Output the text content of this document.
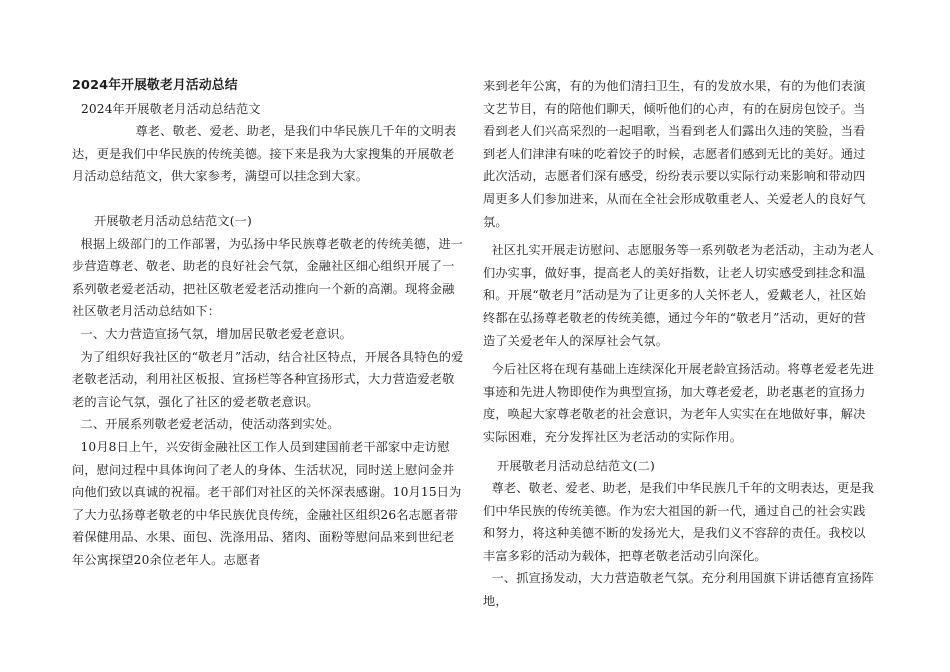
2024年开展敬老月活动总结

2024年开展敬老月活动总结范文

尊老、敬老、爱老、助老，是我们中华民族几千年的文明表达，更是我们中华民族的传统美德。接下来是我为大家搜集的开展敬老月活动总结范文，供大家参考，满望可以挂念到大家。

开展敬老月活动总结范文(一)

根据上级部门的工作部署，为弘扬中华民族尊老敬老的传统美德，进一步营造尊老、敬老、助老的良好社会气氛，金融社区细心组织开展了一系列敬老爱老活动，把社区敬老爱老活动推向一个新的高潮。现将金融社区敬老月活动总结如下：

一、大力营造宣扬气氛，增加居民敬老爱老意识。

为了组织好我社区的“敬老月”活动，结合社区特点，开展各具特色的爱老敬老活动，利用社区板报、宣扬栏等各种宣扬形式，大力营造爱老敬老的言论气氛，强化了社区的爱老敬老意识。

二、开展系列敬老爱老活动，使活动落到实处。

10月8日上午，兴安街金融社区工作人员到建国前老干部家中走访慰问，慰问过程中具体询问了老人的身体、生活状况，同时送上慰问金并向他们致以真诚的祝福。老干部们对社区的关怀深表感谢。10月15日为了大力弘扬尊老敬老的中华民族优良传统，金融社区组织26名志愿者带着保健用品、水果、面包、洗涤用品、猪肉、面粉等慰问品来到世纪老年公寓探望20余位老年人。志愿者

来到老年公寓，有的为他们清扫卫生，有的发放水果，有的为他们表演文艺节目，有的陪他们聊天，倾听他们的心声，有的在厨房包饺子。当看到老人们兴高采烈的一起唱歌，当看到老人们露出久违的笑脸，当看到老人们津津有味的吃着饺子的时候，志愿者们感到无比的美好。通过此次活动，志愿者们深有感受，纷纷表示要以实际行动来影响和带动四周更多人们参加进来，从而在全社会形成敬重老人、关爱老人的良好气氛。

社区扎实开展走访慰问、志愿服务等一系列敬老为老活动，主动为老人们办实事，做好事，提高老人的美好指数，让老人切实感受到挂念和温和。开展“敬老月”活动是为了让更多的人关怀老人，爱戴老人，社区始终都在弘扬尊老敬老的传统美德，通过今年的“敬老月”活动，更好的营造了关爱老年人的深厚社会气氛。

今后社区将在现有基础上连续深化开展老龄宣扬活动。将尊老爱老先进事迹和先进人物即使作为典型宣扬，加大尊老爱老，助老惠老的宣扬力度，唤起大家尊老敬老的社会意识，为老年人实实在在地做好事，解决实际困难，充分发挥社区为老活动的实际作用。

开展敬老月活动总结范文(二)

尊老、敬老、爱老、助老，是我们中华民族几千年的文明表达，更是我们中华民族的传统美德。作为宏大祖国的新一代，通过自己的社会实践和努力，将这种美德不断的发扬光大，是我们义不容辞的责任。我校以丰富多彩的活动为载体，把尊老敬老活动引向深化。

一、抓宣扬发动，大力营造敬老气氛。充分利用国旗下讲话德育宣扬阵地，
